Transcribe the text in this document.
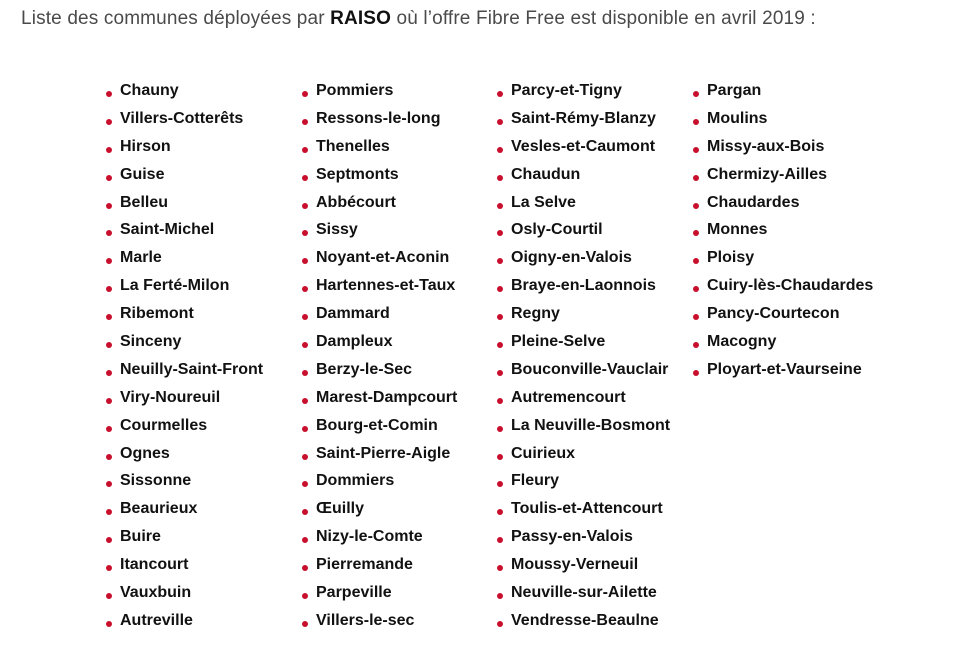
Liste des communes déployées par RAISO où l’offre Fibre Free est disponible en avril 2019 :
Chauny
Villers-Cotterêts
Hirson
Guise
Belleu
Saint-Michel
Marle
La Ferté-Milon
Ribemont
Sinceny
Neuilly-Saint-Front
Viry-Noureuil
Courmelles
Ognes
Sissonne
Beaurieux
Buire
Itancourt
Vauxbuin
Autreville
Pommiers
Ressons-le-long
Thenelles
Septmonts
Abbécourt
Sissy
Noyant-et-Aconin
Hartennes-et-Taux
Dammard
Dampleux
Berzy-le-Sec
Marest-Dampcourt
Bourg-et-Comin
Saint-Pierre-Aigle
Dommiers
Œuilly
Nizy-le-Comte
Pierremande
Parpeville
Villers-le-sec
Parcy-et-Tigny
Saint-Rémy-Blanzy
Vesles-et-Caumont
Chaudun
La Selve
Osly-Courtil
Oigny-en-Valois
Braye-en-Laonnois
Regny
Pleine-Selve
Bouconville-Vauclair
Autremencourt
La Neuville-Bosmont
Cuirieux
Fleury
Toulis-et-Attencourt
Passy-en-Valois
Moussy-Verneuil
Neuville-sur-Ailette
Vendresse-Beaulne
Pargan
Moulins
Missy-aux-Bois
Chermizy-Ailles
Chaudardes
Monnes
Ploisy
Cuiry-lès-Chaudardes
Pancy-Courtecon
Macogny
Ployart-et-Vaurseine
